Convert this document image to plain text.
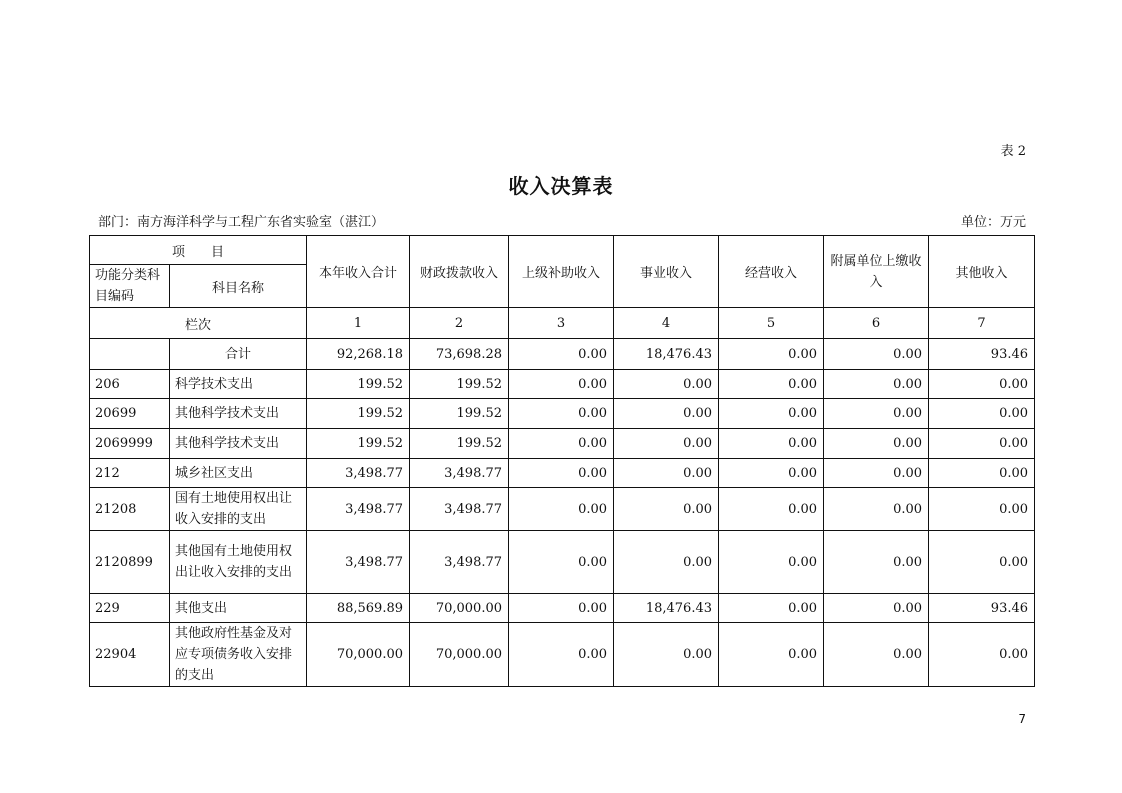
表 2
收入决算表
部门：南方海洋科学与工程广东省实验室（湛江）	单位：万元
项　　目		本年收入合计	财政拨款收入	上级补助收入	事业收入	经营收入	附属单位上缴收入	其他收入
功能分类科目编码	科目名称							
栏次		1	2	3	4	5	6	7
	合计	92,268.18	73,698.28	0.00	18,476.43	0.00	0.00	93.46
206	科学技术支出	199.52	199.52	0.00	0.00	0.00	0.00	0.00
20699	其他科学技术支出	199.52	199.52	0.00	0.00	0.00	0.00	0.00
2069999	其他科学技术支出	199.52	199.52	0.00	0.00	0.00	0.00	0.00
212	城乡社区支出	3,498.77	3,498.77	0.00	0.00	0.00	0.00	0.00
21208	国有土地使用权出让收入安排的支出	3,498.77	3,498.77	0.00	0.00	0.00	0.00	0.00
2120899	其他国有土地使用权出让收入安排的支出	3,498.77	3,498.77	0.00	0.00	0.00	0.00	0.00
229	其他支出	88,569.89	70,000.00	0.00	18,476.43	0.00	0.00	93.46
22904	其他政府性基金及对应专项债务收入安排的支出	70,000.00	70,000.00	0.00	0.00	0.00	0.00	0.00
7
